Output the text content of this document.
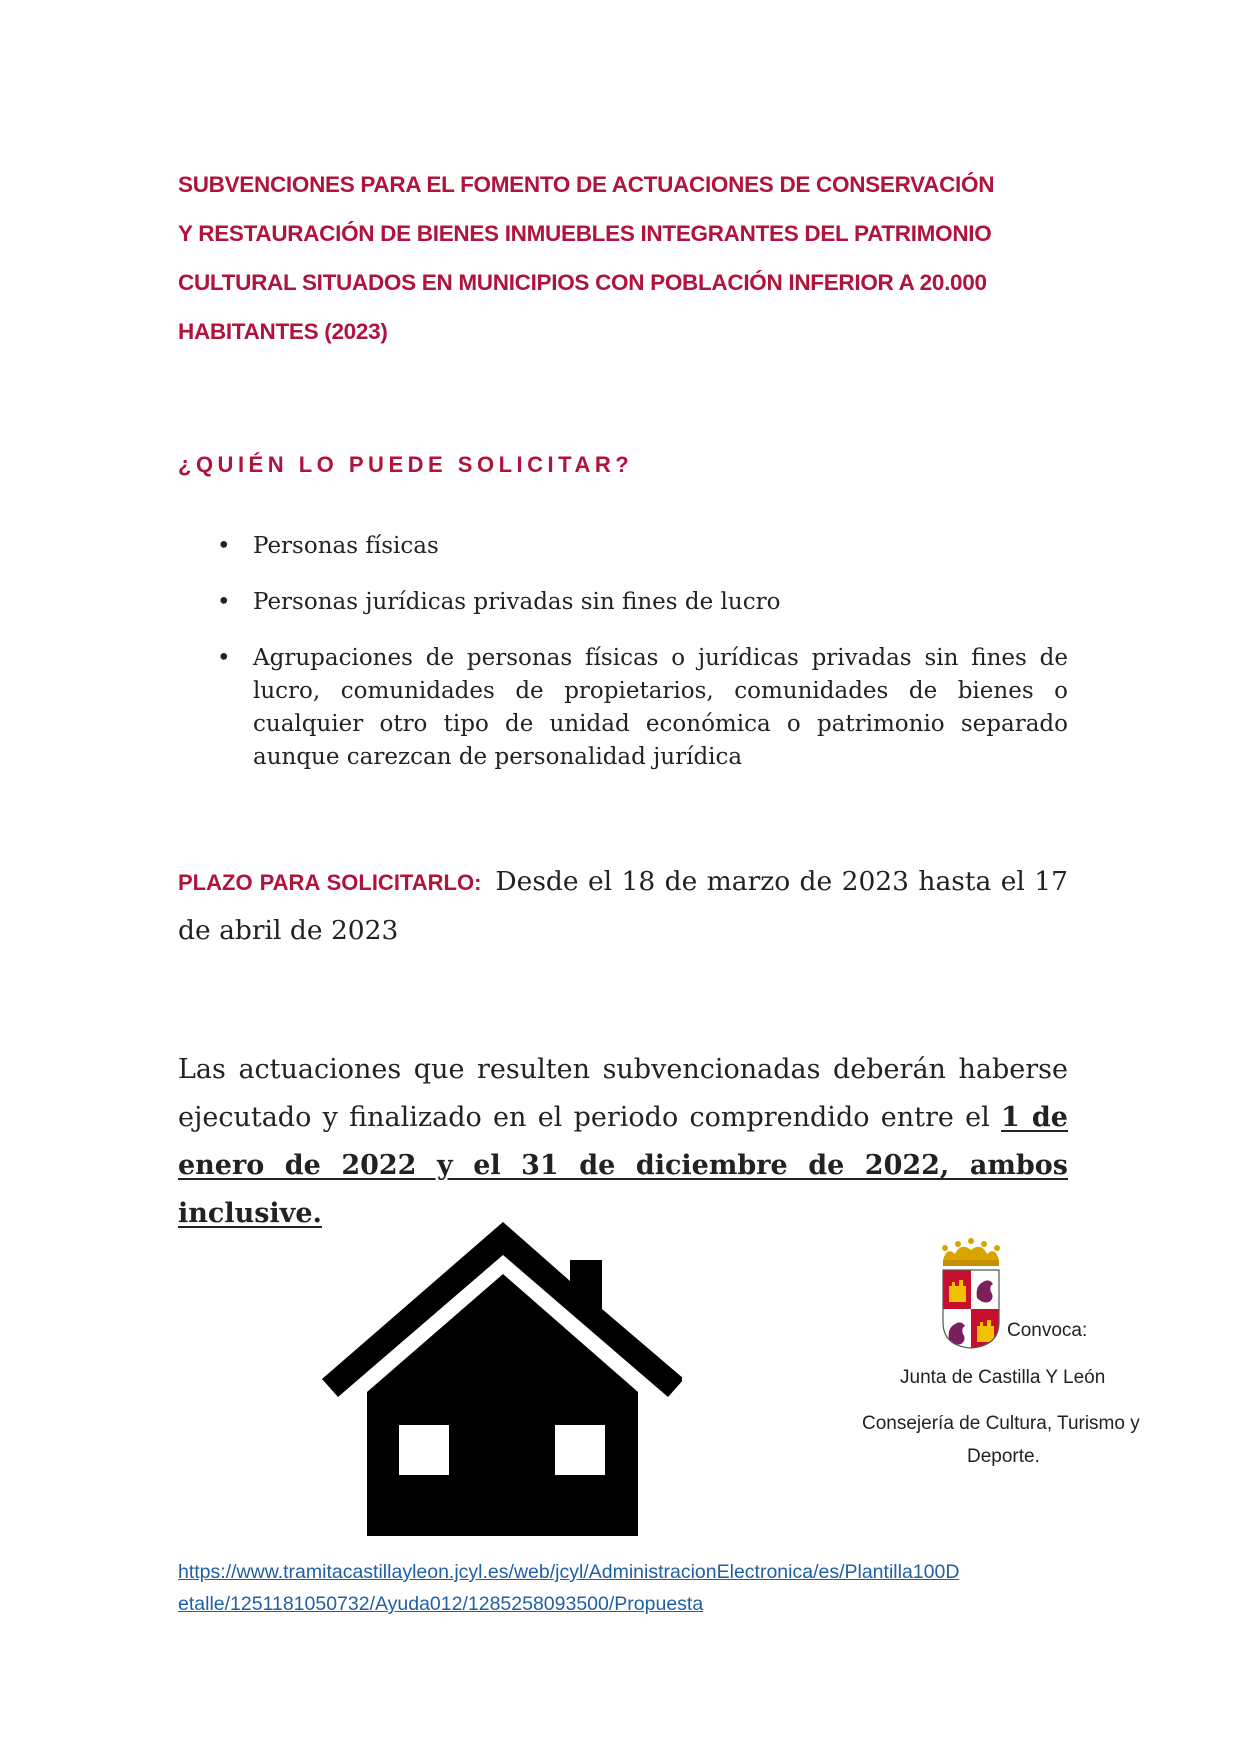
SUBVENCIONES PARA EL FOMENTO DE ACTUACIONES DE CONSERVACIÓN
Y RESTAURACIÓN DE BIENES INMUEBLES INTEGRANTES DEL PATRIMONIO
CULTURAL SITUADOS EN MUNICIPIOS CON POBLACIÓN INFERIOR A 20.000
HABITANTES (2023)
¿QUIÉN LO PUEDE SOLICITAR?
• Personas físicas
• Personas jurídicas privadas sin fines de lucro
• Agrupaciones de personas físicas o jurídicas privadas sin fines de lucro, comunidades de propietarios, comunidades de bienes o cualquier otro tipo de unidad económica o patrimonio separado aunque carezcan de personalidad jurídica
PLAZO PARA SOLICITARLO: Desde el 18 de marzo de 2023 hasta el 17 de abril de 2023
Las actuaciones que resulten subvencionadas deberán haberse ejecutado y finalizado en el periodo comprendido entre el 1 de enero de 2022 y el 31 de diciembre de 2022, ambos inclusive.
Convoca:
Junta de Castilla Y León
Consejería de Cultura, Turismo y
Deporte.
https://www.tramitacastillayleon.jcyl.es/web/jcyl/AdministracionElectronica/es/Plantilla100D
etalle/1251181050732/Ayuda012/1285258093500/Propuesta
